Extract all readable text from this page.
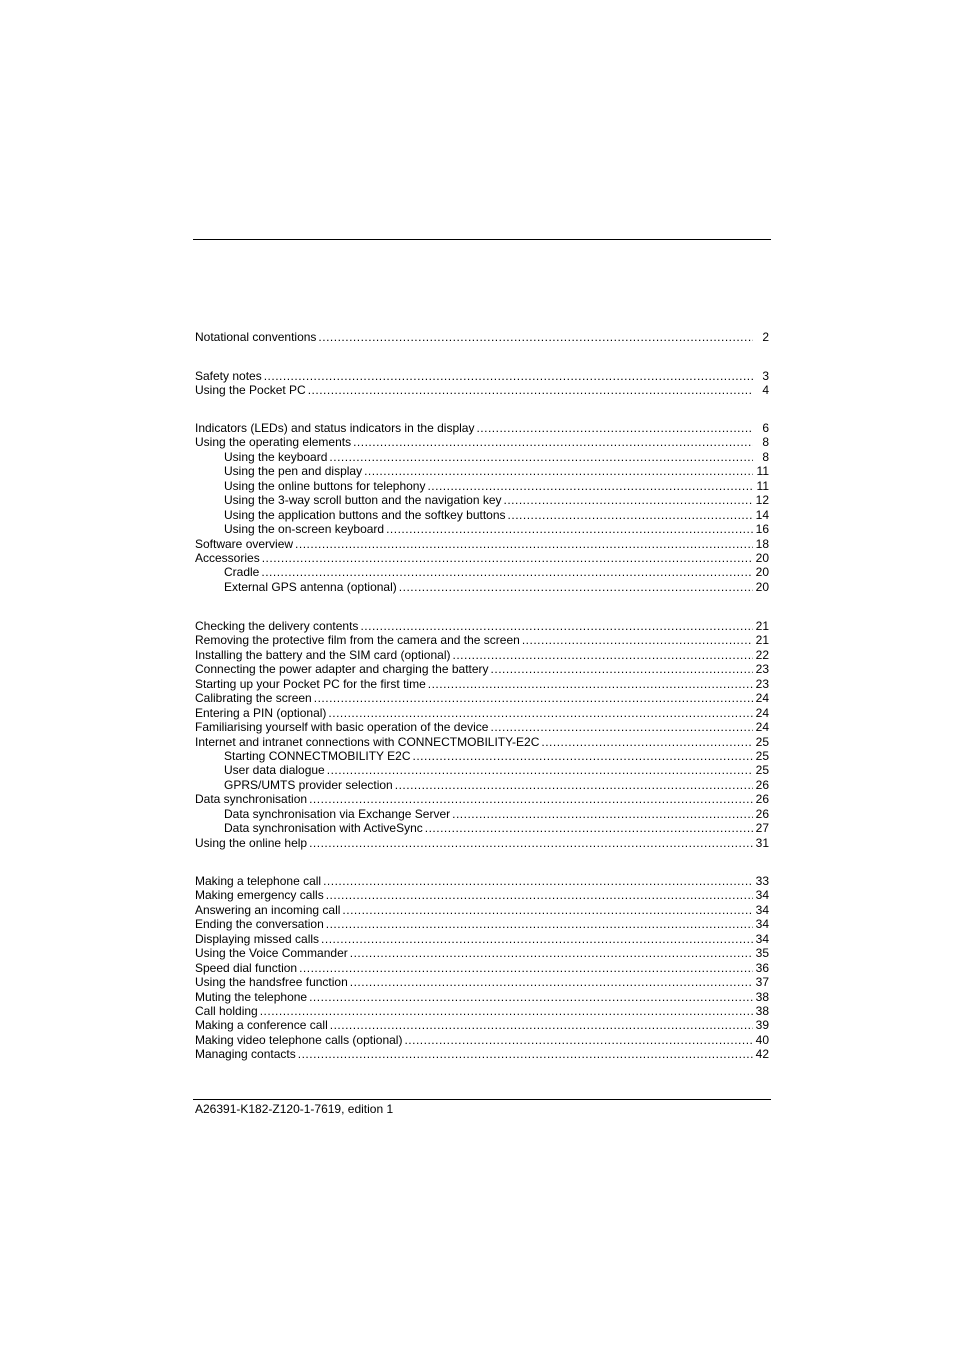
A26391-K182-Z120-1-7619, edition 1
Notational conventions .....	2
Safety notes .....	3
Using the Pocket PC .....	4
Indicators (LEDs) and status indicators in the display .....	6
Using the operating elements .....	8
Using the keyboard .....	8
Using the pen and display .....	11
Using the online buttons for telephony .....	11
Using the 3-way scroll button and the navigation key .....	12
Using the application buttons and the softkey buttons .....	14
Using the on-screen keyboard .....	16
Software overview .....	18
Accessories .....	20
Cradle .....	20
External GPS antenna (optional) .....	20
Checking the delivery contents .....	21
Removing the protective film from the camera and the screen .....	21
Installing the battery and the SIM card (optional) .....	22
Connecting the power adapter and charging the battery .....	23
Starting up your Pocket PC for the first time .....	23
Calibrating the screen .....	24
Entering a PIN (optional) .....	24
Familiarising yourself with basic operation of the device .....	24
Internet and intranet connections with CONNECTMOBILITY-E2C .....	25
Starting CONNECTMOBILITY E2C .....	25
User data dialogue .....	25
GPRS/UMTS provider selection .....	26
Data synchronisation .....	26
Data synchronisation via Exchange Server .....	26
Data synchronisation with ActiveSync .....	27
Using the online help .....	31
Making a telephone call .....	33
Making emergency calls .....	34
Answering an incoming call .....	34
Ending the conversation .....	34
Displaying missed calls .....	34
Using the Voice Commander .....	35
Speed dial function .....	36
Using the handsfree function .....	37
Muting the telephone .....	38
Call holding .....	38
Making a conference call .....	39
Making video telephone calls (optional) .....	40
Managing contacts .....	42
